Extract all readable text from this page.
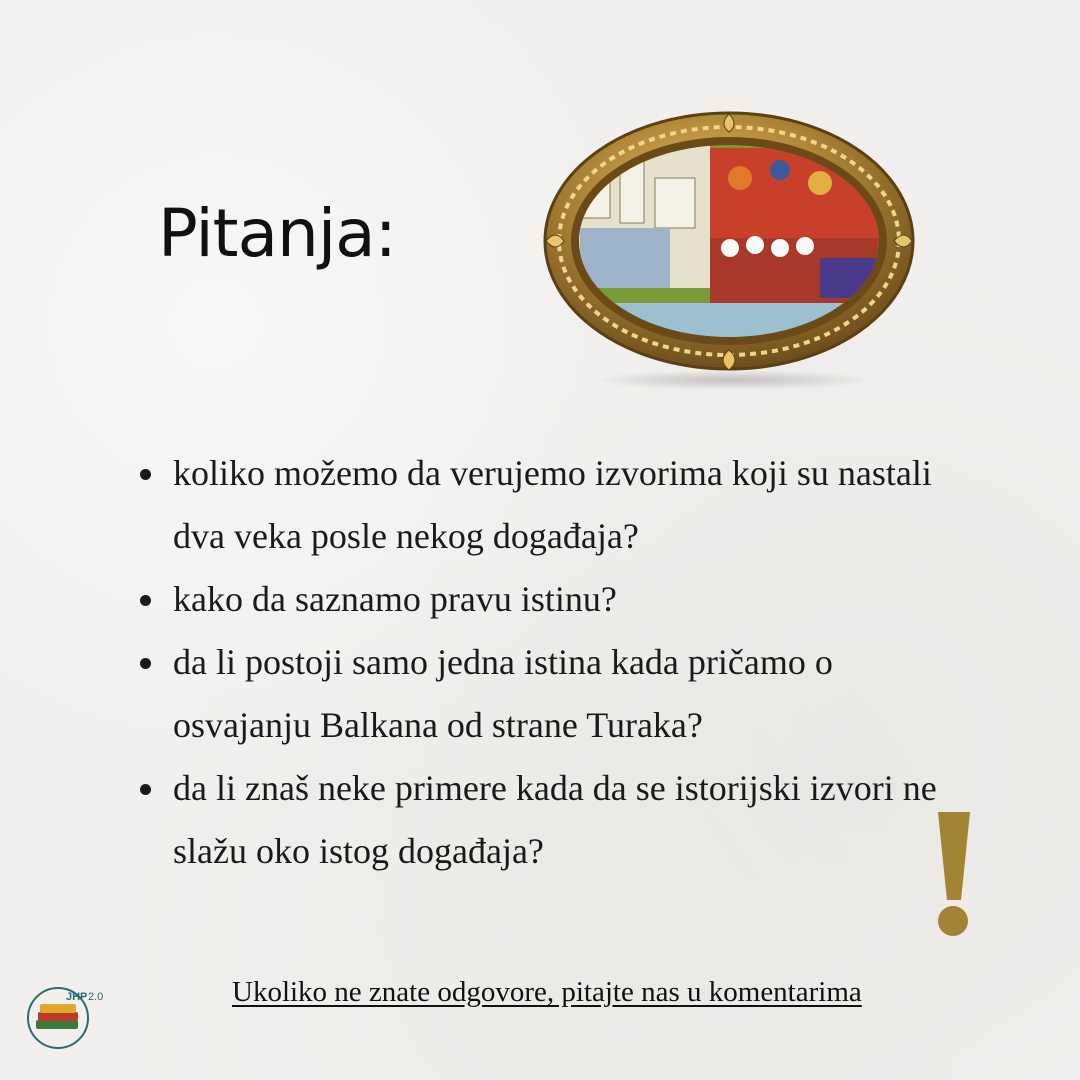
Pitanja:
koliko možemo da verujemo izvorima koji su nastali dva veka posle nekog događaja?
kako da saznamo pravu istinu?
da li postoji samo jedna istina kada pričamo o osvajanju Balkana od strane Turaka?
da li znaš neke primere kada da se istorijski izvori ne slažu oko istog događaja?
JHP 2.0	Ukoliko ne znate odgovore, pitajte nas u komentarima
